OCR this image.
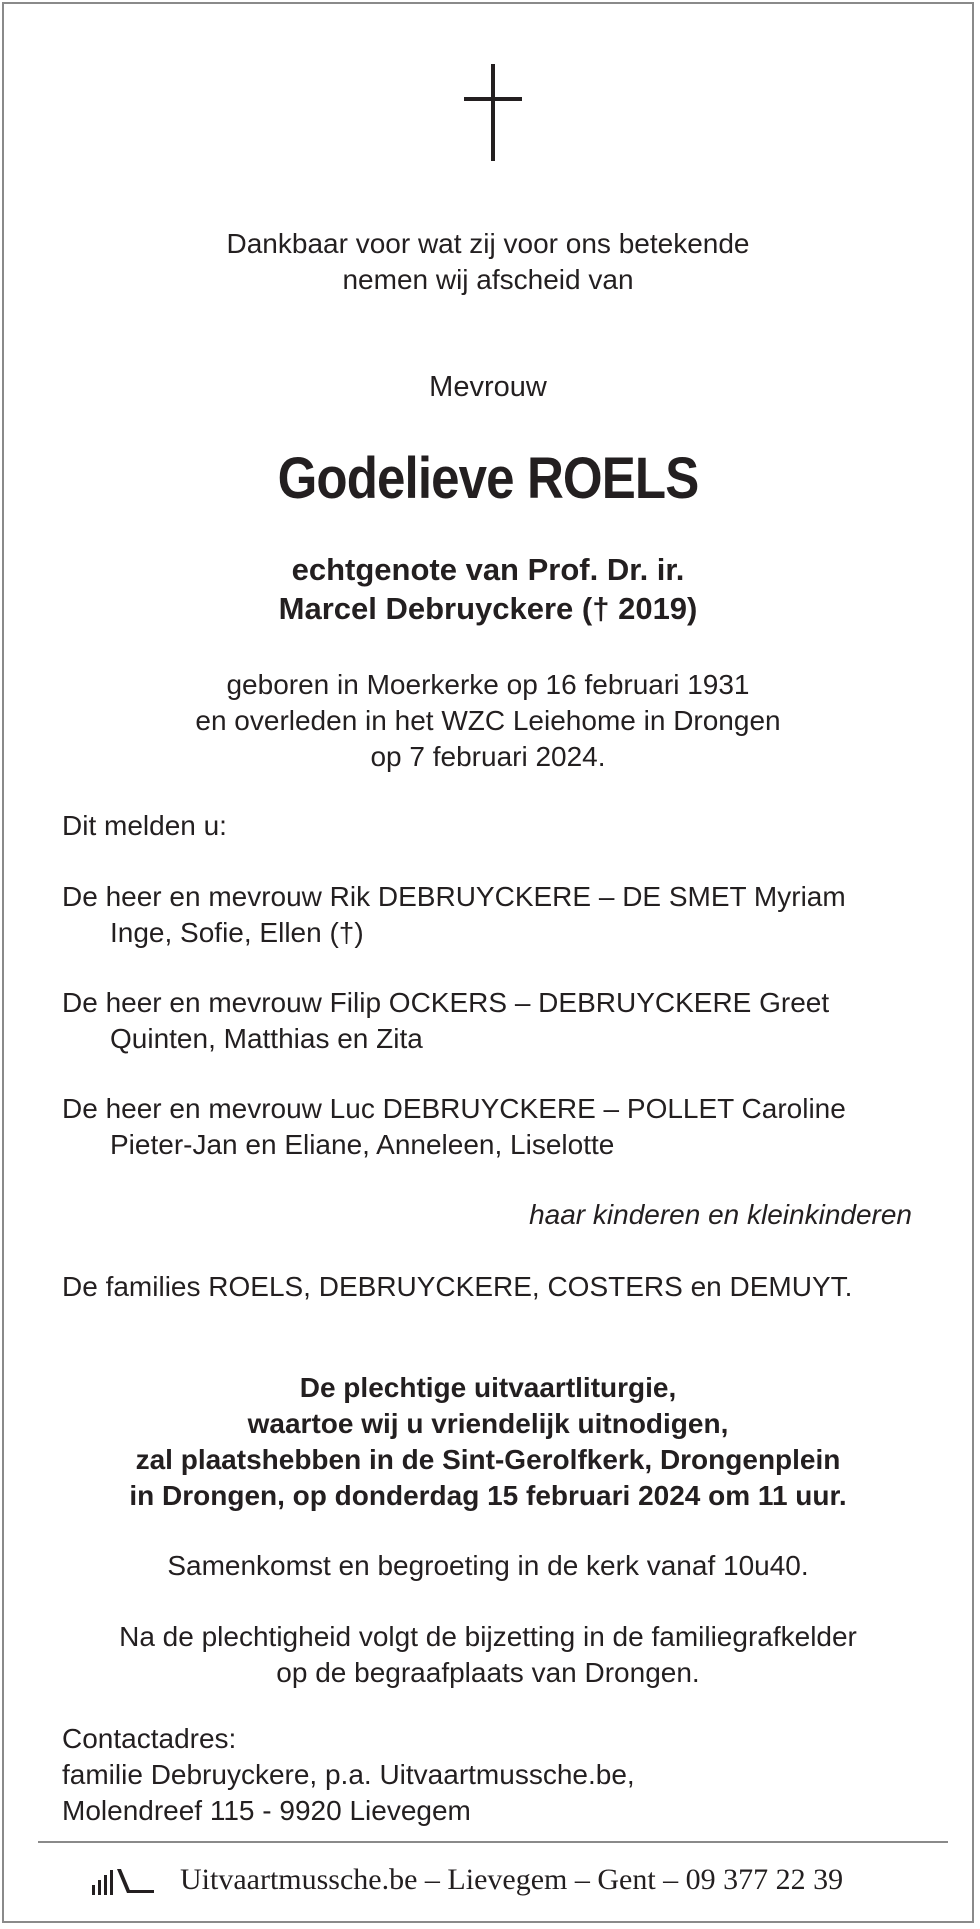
Dankbaar voor wat zij voor ons betekende
nemen wij afscheid van
Mevrouw
Godelieve ROELS
echtgenote van Prof. Dr. ir.
Marcel Debruyckere († 2019)
geboren in Moerkerke op 16 februari 1931
en overleden in het WZC Leiehome in Drongen
op 7 februari 2024.
Dit melden u:
De heer en mevrouw Rik DEBRUYCKERE – DE SMET Myriam
Inge, Sofie, Ellen (†)
De heer en mevrouw Filip OCKERS – DEBRUYCKERE Greet
Quinten, Matthias en Zita
De heer en mevrouw Luc DEBRUYCKERE – POLLET Caroline
Pieter-Jan en Eliane, Anneleen, Liselotte
haar kinderen en kleinkinderen
De families ROELS, DEBRUYCKERE, COSTERS en DEMUYT.
De plechtige uitvaartliturgie,
waartoe wij u vriendelijk uitnodigen,
zal plaatshebben in de Sint-Gerolfkerk, Drongenplein
in Drongen, op donderdag 15 februari 2024 om 11 uur.
Samenkomst en begroeting in de kerk vanaf 10u40.
Na de plechtigheid volgt de bijzetting in de familiegrafkelder
op de begraafplaats van Drongen.
Contactadres:
familie Debruyckere, p.a. Uitvaartmussche.be,
Molendreef 115 - 9920 Lievegem
Uitvaartmussche.be – Lievegem – Gent – 09 377 22 39
